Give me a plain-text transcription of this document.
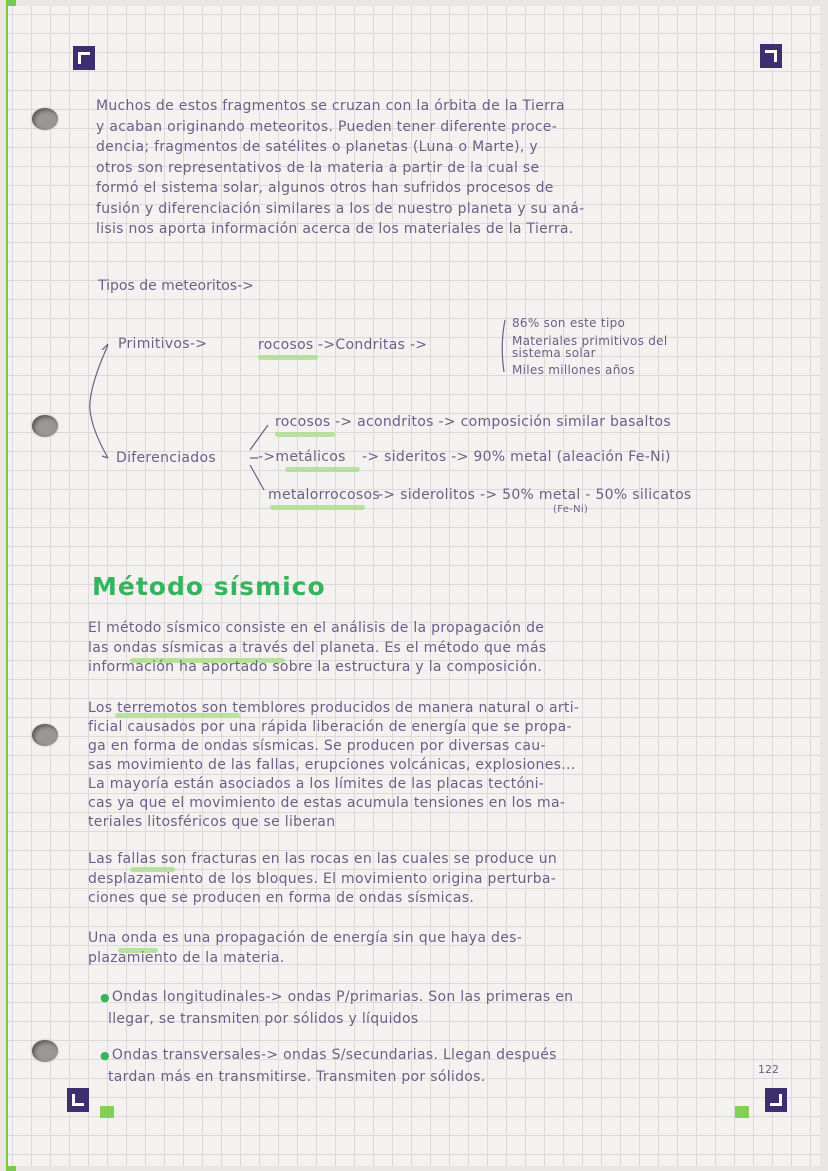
Muchos de estos fragmentos se cruzan con la órbita de la Tierra
y acaban originando meteoritos. Pueden tener diferente proce-
dencia; fragmentos de satélites o planetas (Luna o Marte), y
otros son representativos de la materia a partir de la cual se
formó el sistema solar, algunos otros han sufridos procesos de
fusión y diferenciación similares a los de nuestro planeta y su aná-
lisis nos aporta información acerca de los materiales de la Tierra.
El método sísmico consiste en el análisis de la propagación de
las ondas sísmicas a través del planeta. Es el método que más
información ha aportado sobre la estructura y la composición.
Los terremotos son temblores producidos de manera natural o arti-
ficial causados por una rápida liberación de energía que se propa-
ga en forma de ondas sísmicas. Se producen por diversas cau-
sas movimiento de las fallas, erupciones volcánicas, explosiones...
La mayoría están asociados a los límites de las placas tectóni-
cas ya que el movimiento de estas acumula tensiones en los ma-
teriales litosféricos que se liberan
Las fallas son fracturas en las rocas en las cuales se produce un
desplazamiento de los bloques. El movimiento origina perturba-
ciones que se producen en forma de ondas sísmicas.
Una onda es una propagación de energía sin que haya des-
plazamiento de la materia.
● Ondas longitudinales-> ondas P/primarias. Son las primeras en
llegar, se transmiten por sólidos y líquidos
● Ondas transversales-> ondas S/secundarias. Llegan después
tardan más en transmitirse. Transmiten por sólidos.
Tipos de meteoritos->
Primitivos->	rocosos ->Condritas ->
86% son este tipo
Materiales primitivos del
sistema solar
Miles millones años
Diferenciados
rocosos -> acondritos -> composición similar basaltos
->metálicos -> sideritos -> 90% metal (aleación Fe-Ni)
metalorrocosos
-> siderolitos -> 50% metal - 50% silicatos
(Fe-Ni)
Método sísmico
122
